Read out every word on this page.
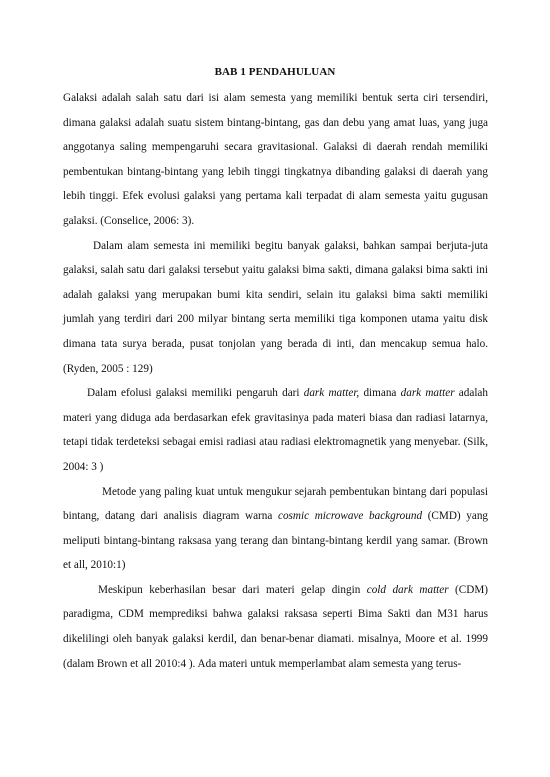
BAB 1 PENDAHULUAN

Galaksi adalah salah satu dari isi alam semesta yang memiliki bentuk serta ciri tersendiri, dimana galaksi adalah suatu sistem bintang-bintang, gas dan debu yang amat luas, yang juga anggotanya saling mempengaruhi secara gravitasional. Galaksi di daerah rendah memiliki pembentukan bintang-bintang yang lebih tinggi tingkatnya dibanding galaksi di daerah yang lebih tinggi. Efek evolusi galaksi yang pertama kali terpadat di alam semesta yaitu gugusan galaksi. (Conselice, 2006: 3).

Dalam alam semesta ini memiliki begitu banyak galaksi, bahkan sampai berjuta-juta galaksi, salah satu dari galaksi tersebut yaitu galaksi bima sakti, dimana galaksi bima sakti ini adalah galaksi yang merupakan bumi kita sendiri, selain itu galaksi bima sakti memiliki jumlah yang terdiri dari 200 milyar bintang serta memiliki tiga komponen utama yaitu disk dimana tata surya berada, pusat tonjolan yang berada di inti, dan mencakup semua halo. (Ryden, 2005 : 129)

Dalam efolusi galaksi memiliki pengaruh dari dark matter, dimana dark matter adalah materi yang diduga ada berdasarkan efek gravitasinya pada materi biasa dan radiasi latarnya, tetapi tidak terdeteksi sebagai emisi radiasi atau radiasi elektromagnetik yang menyebar. (Silk, 2004: 3 )

Metode yang paling kuat untuk mengukur sejarah pembentukan bintang dari populasi bintang, datang dari analisis diagram warna cosmic microwave background (CMD) yang meliputi bintang-bintang raksasa yang terang dan bintang-bintang kerdil yang samar. (Brown et all, 2010:1)

Meskipun keberhasilan besar dari materi gelap dingin cold dark matter (CDM) paradigma, CDM memprediksi bahwa galaksi raksasa seperti Bima Sakti dan M31 harus dikelilingi oleh banyak galaksi kerdil, dan benar-benar diamati. misalnya, Moore et al. 1999 (dalam Brown et all 2010:4 ). Ada materi untuk memperlambat alam semesta yang terus-
